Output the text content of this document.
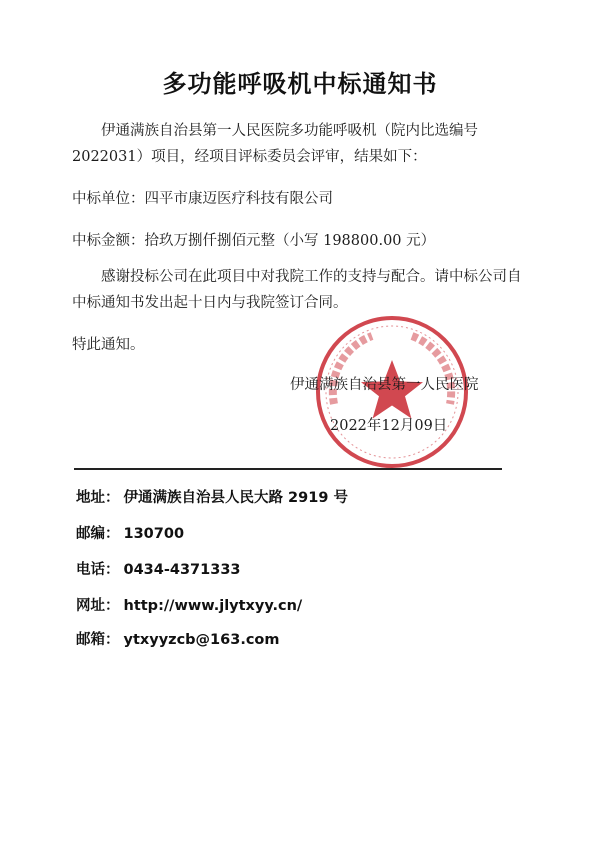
多功能呼吸机中标通知书
伊通满族自治县第一人民医院多功能呼吸机（院内比选编号2022031）项目，经项目评标委员会评审，结果如下：
中标单位：四平市康迈医疗科技有限公司
中标金额：拾玖万捌仟捌佰元整（小写 198800.00 元）
感谢投标公司在此项目中对我院工作的支持与配合。请中标公司自中标通知书发出起十日内与我院签订合同。
特此通知。
伊通满族自治县第一人民医院
2022年12月09日
地址： 伊通满族自治县人民大路 2919 号
邮编： 130700
电话： 0434-4371333
网址： http://www.jlytxyy.cn/
邮箱： ytxyyzcb@163.com
